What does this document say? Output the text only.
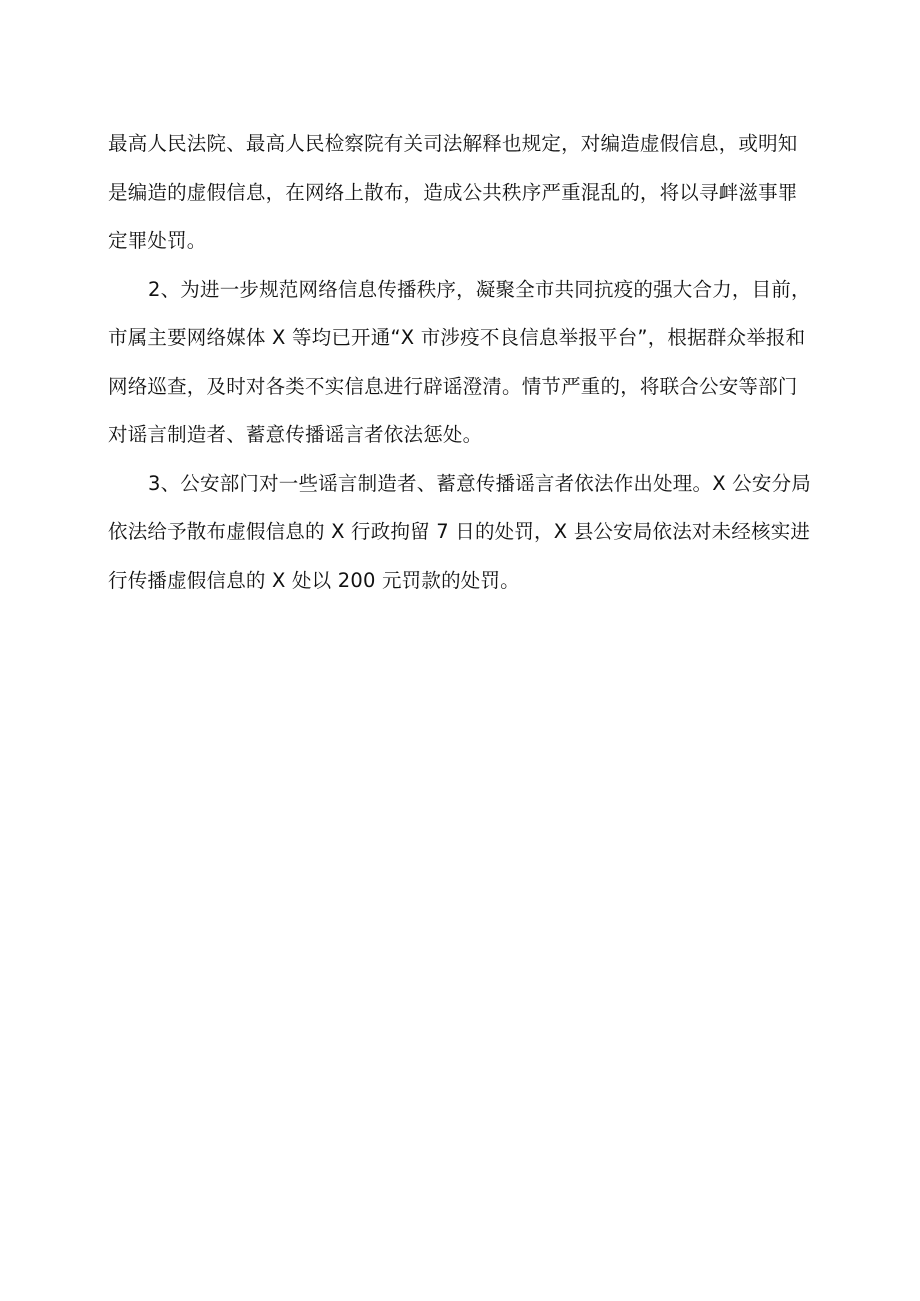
最高人民法院、最高人民检察院有关司法解释也规定，对编造虚假信息，或明知
是编造的虚假信息，在网络上散布，造成公共秩序严重混乱的，将以寻衅滋事罪
定罪处罚。
2、为进一步规范网络信息传播秩序，凝聚全市共同抗疫的强大合力，目前，
市属主要网络媒体 X 等均已开通“X 市涉疫不良信息举报平台”，根据群众举报和
网络巡查，及时对各类不实信息进行辟谣澄清。情节严重的，将联合公安等部门
对谣言制造者、蓄意传播谣言者依法惩处。
3、公安部门对一些谣言制造者、蓄意传播谣言者依法作出处理。X 公安分局
依法给予散布虚假信息的 X 行政拘留 7 日的处罚，X 县公安局依法对未经核实进
行传播虚假信息的 X 处以 200 元罚款的处罚。
